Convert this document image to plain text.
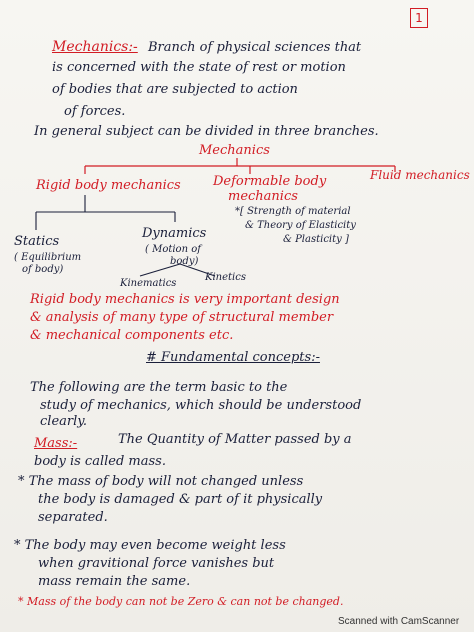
1
Mechanics:- Branch of physical sciences that
is concerned with the state of rest or motion
of bodies that are subjected to action
of forces.
In general subject can be divided in three branches.
Mechanics
Rigid body mechanics Deformable body
mechanics
Fluid mechanics
*[ Strength of material
& Theory of Elasticity
& Plasticity ]
Statics
( Equilibrium
of body)
Dynamics
( Motion of
body)
Kinematics
Kinetics
Rigid body mechanics is very important design
& analysis of many type of structural member
& mechanical components etc.
# Fundamental concepts:-
The following are the term basic to the
study of mechanics, which should be understood
clearly.
Mass:-	The Quantity of Matter passed by a
body is called mass.
* The mass of body will not changed unless
the body is damaged & part of it physically
separated.
* The body may even become weight less
when gravitional force vanishes but
mass remain the same.
* Mass of the body can not be Zero & can not be changed.
Scanned with CamScanner
